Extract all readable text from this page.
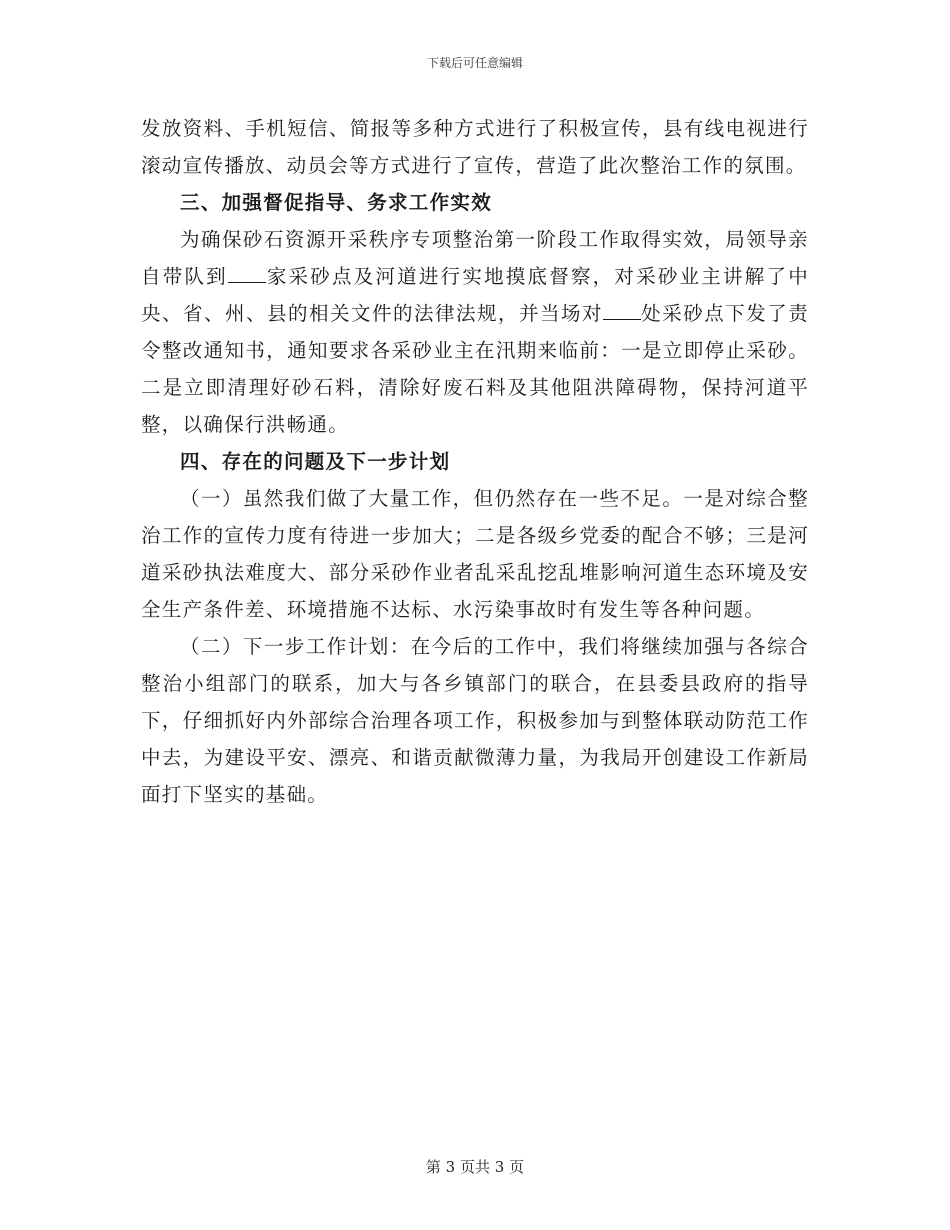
下载后可任意编辑

发放资料、手机短信、简报等多种方式进行了积极宣传，县有线电视进行滚动宣传播放、动员会等方式进行了宣传，营造了此次整治工作的氛围。

三、加强督促指导、务求工作实效

为确保砂石资源开采秩序专项整治第一阶段工作取得实效，局领导亲自带队到 家采砂点及河道进行实地摸底督察，对采砂业主讲解了中央、省、州、县的相关文件的法律法规，并当场对 处采砂点下发了责令整改通知书，通知要求各采砂业主在汛期来临前：一是立即停止采砂。二是立即清理好砂石料，清除好废石料及其他阻洪障碍物，保持河道平整，以确保行洪畅通。

四、存在的问题及下一步计划

（一）虽然我们做了大量工作，但仍然存在一些不足。一是对综合整治工作的宣传力度有待进一步加大；二是各级乡党委的配合不够；三是河道采砂执法难度大、部分采砂作业者乱采乱挖乱堆影响河道生态环境及安全生产条件差、环境措施不达标、水污染事故时有发生等各种问题。

（二）下一步工作计划：在今后的工作中，我们将继续加强与各综合整治小组部门的联系，加大与各乡镇部门的联合，在县委县政府的指导下，仔细抓好内外部综合治理各项工作，积极参加与到整体联动防范工作中去，为建设平安、漂亮、和谐贡献微薄力量，为我局开创建设工作新局面打下坚实的基础。

第 3 页共 3 页
